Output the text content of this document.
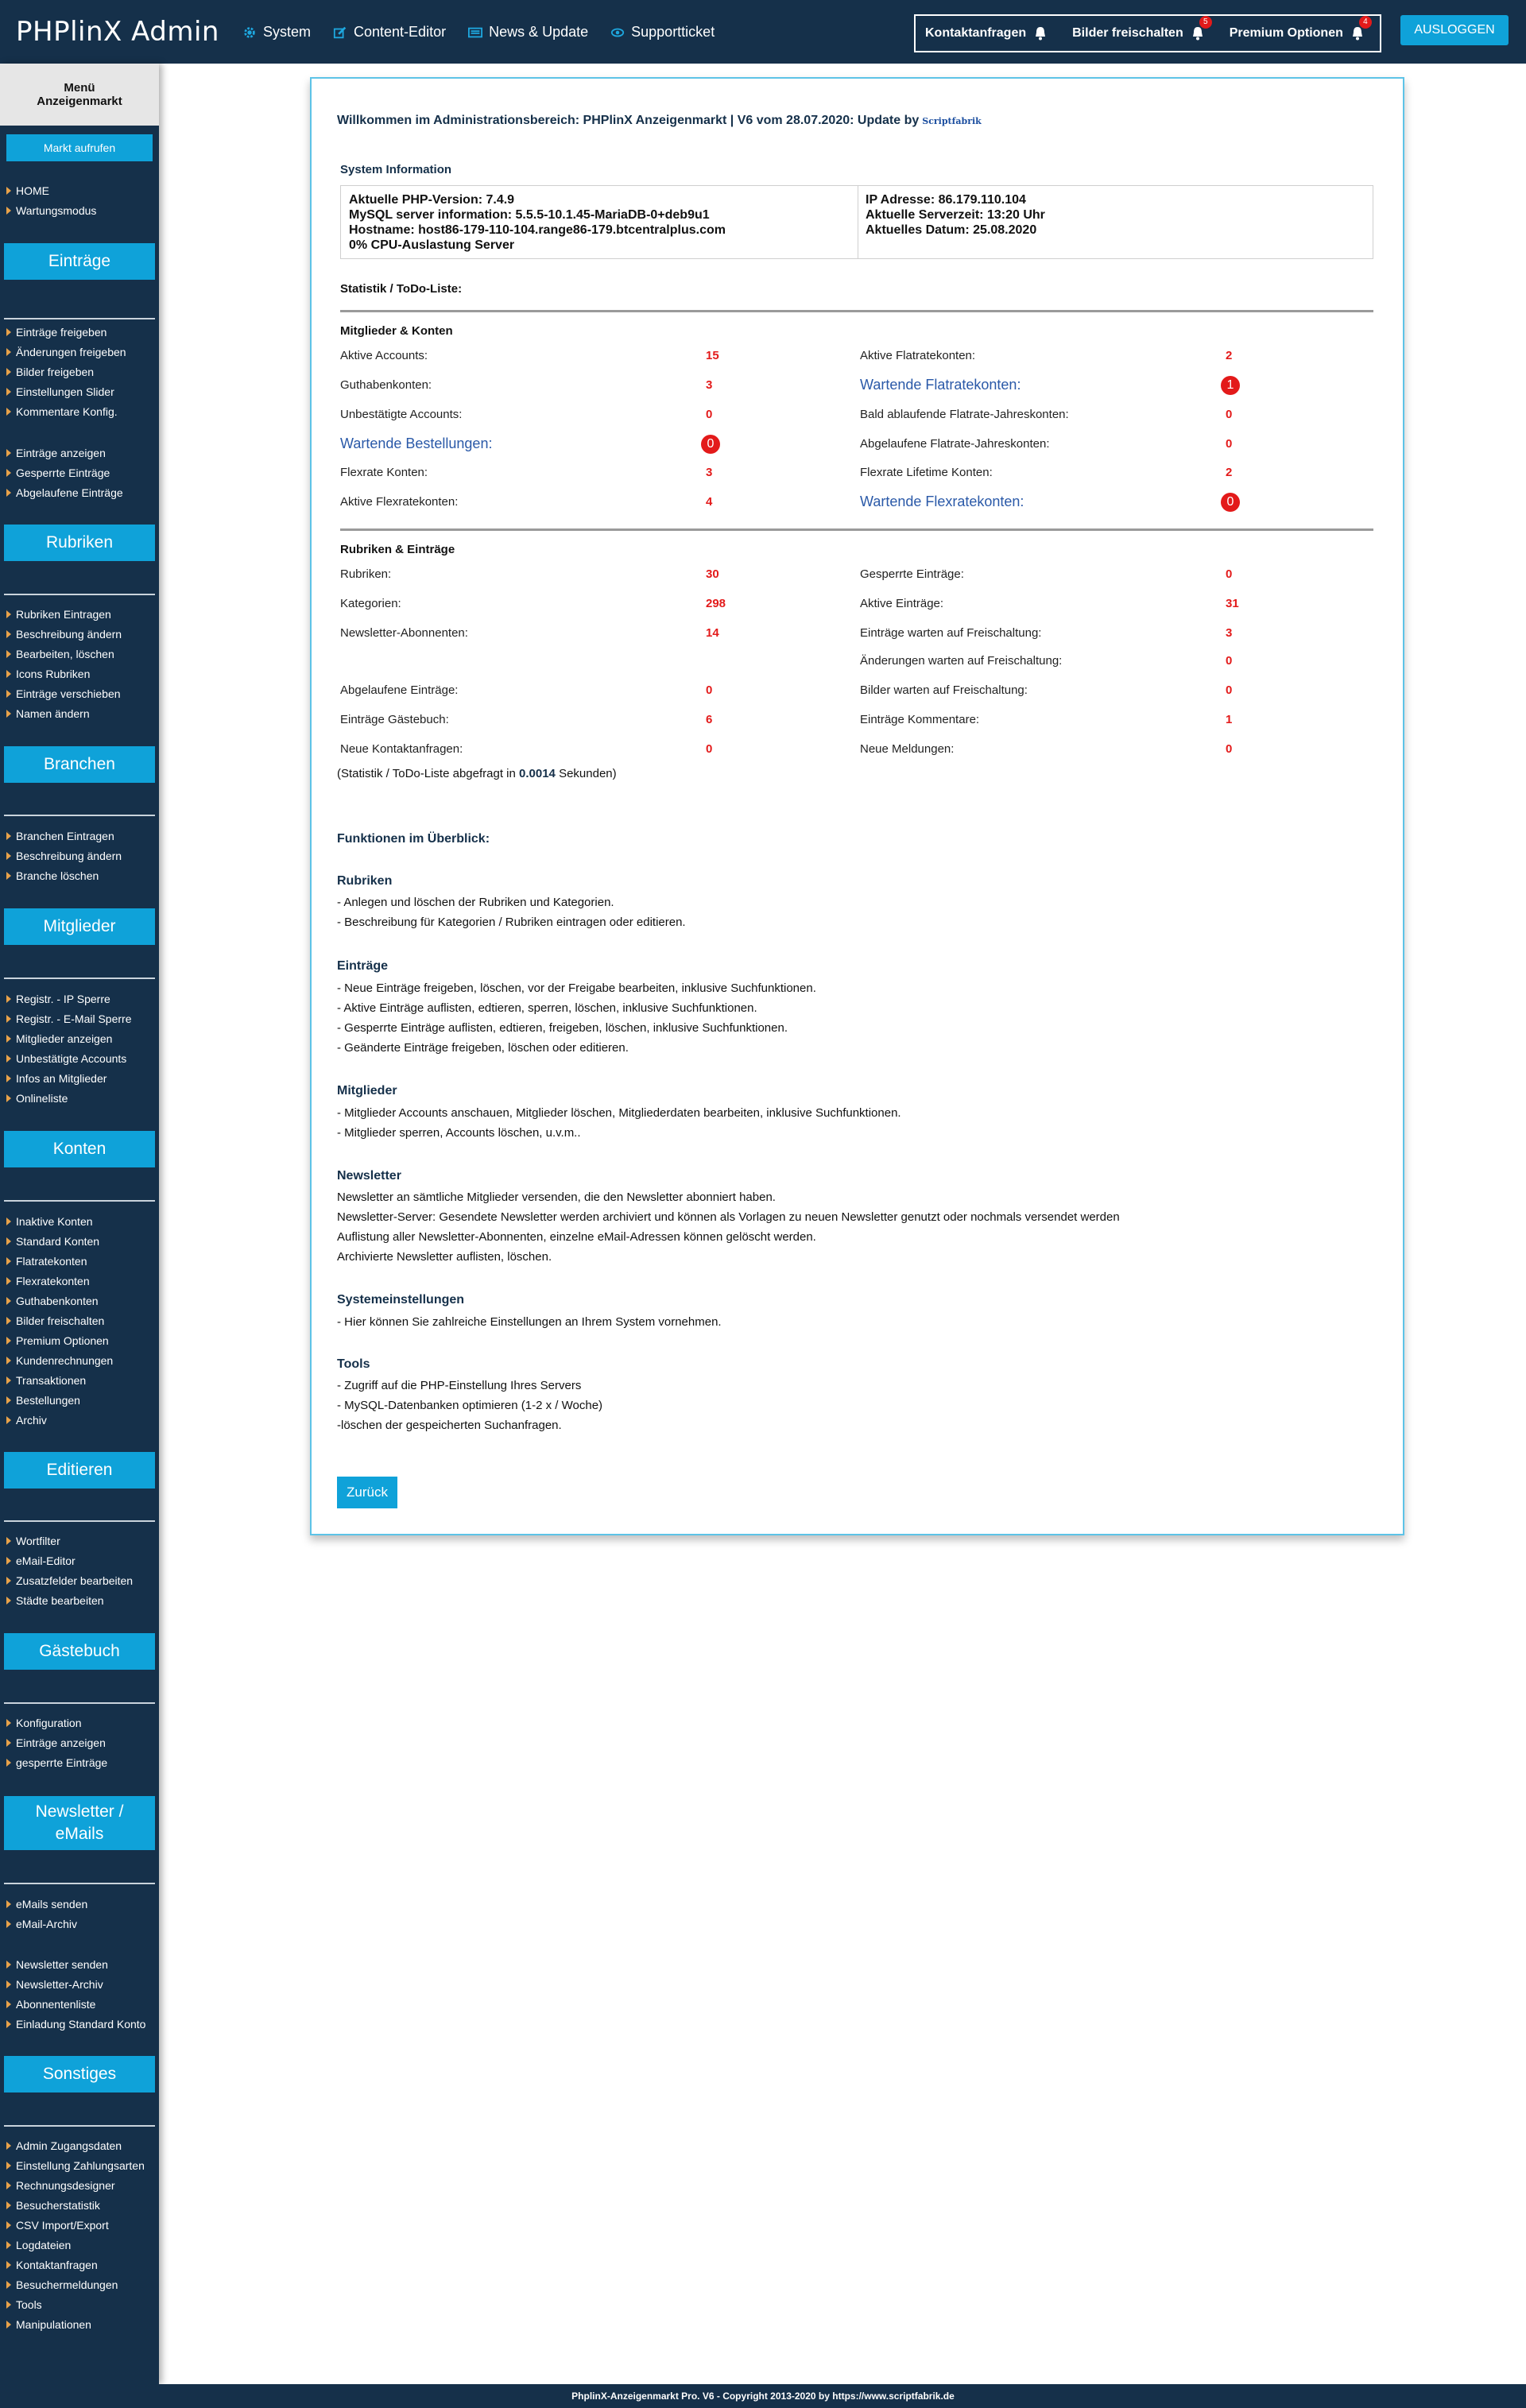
PHPlinX Admin	System	Content-Editor	News & Update	Supportticket	Kontaktanfragen	Bilder freischalten
5
Premium Optionen
4
AUSLOGGEN
Menü
Anzeigenmarkt
Markt aufrufen
HOME
Wartungsmodus
Einträge
Einträge freigeben
Änderungen freigeben
Bilder freigeben
Einstellungen Slider
Kommentare Konfig.
Einträge anzeigen
Gesperrte Einträge
Abgelaufene Einträge
Rubriken
Rubriken Eintragen
Beschreibung ändern
Bearbeiten, löschen
Icons Rubriken
Einträge verschieben
Namen ändern
Branchen
Branchen Eintragen
Beschreibung ändern
Branche löschen
Mitglieder
Registr. - IP Sperre
Registr. - E-Mail Sperre
Mitglieder anzeigen
Unbestätigte Accounts
Infos an Mitglieder
Onlineliste
Konten
Inaktive Konten
Standard Konten
Flatratekonten
Flexratekonten
Guthabenkonten
Bilder freischalten
Premium Optionen
Kundenrechnungen
Transaktionen
Bestellungen
Archiv
Editieren
Wortfilter
eMail-Editor
Zusatzfelder bearbeiten
Städte bearbeiten
Gästebuch
Konfiguration
Einträge anzeigen
gesperrte Einträge
Newsletter /
eMails
eMails senden
eMail-Archiv
Newsletter senden
Newsletter-Archiv
Abonnentenliste
Einladung Standard Konto
Sonstiges
Admin Zugangsdaten
Einstellung Zahlungsarten
Rechnungsdesigner
Besucherstatistik
CSV Import/Export
Logdateien
Kontaktanfragen
Besuchermeldungen
Tools
Manipulationen
Willkommen im Administrationsbereich: PHPlinX Anzeigenmarkt | V6 vom 28.07.2020: Update by Scriptfabrik
System Information
Aktuelle PHP-Version: 7.4.9
MySQL server information: 5.5.5-10.1.45-MariaDB-0+deb9u1
Hostname: host86-179-110-104.range86-179.btcentralplus.com
0% CPU-Auslastung Server
IP Adresse: 86.179.110.104
Aktuelle Serverzeit: 13:20 Uhr
Aktuelles Datum: 25.08.2020
Statistik / ToDo-Liste:
Mitglieder & Konten
Aktive Accounts:	15	Aktive Flatratekonten:	2
Guthabenkonten:	3	Wartende Flatratekonten:	1
Unbestätigte Accounts:	0	Bald ablaufende Flatrate-Jahreskonten:	0
Wartende Bestellungen:	0	Abgelaufene Flatrate-Jahreskonten:	0
Flexrate Konten:	3	Flexrate Lifetime Konten:	2
Aktive Flexratekonten:	4	Wartende Flexratekonten:	0
Rubriken & Einträge
Rubriken:	30	Gesperrte Einträge:	0
Kategorien:	298	Aktive Einträge:	31
Newsletter-Abonnenten:	14	Einträge warten auf Freischaltung:	3
Änderungen warten auf Freischaltung:	0
Abgelaufene Einträge:	0	Bilder warten auf Freischaltung:	0
Einträge Gästebuch:	6	Einträge Kommentare:	1
Neue Kontaktanfragen:	0	Neue Meldungen:	0
(Statistik / ToDo-Liste abgefragt in 0.0014 Sekunden)
Funktionen im Überblick:
Rubriken
- Anlegen und löschen der Rubriken und Kategorien.
- Beschreibung für Kategorien / Rubriken eintragen oder editieren.
Einträge
- Neue Einträge freigeben, löschen, vor der Freigabe bearbeiten, inklusive Suchfunktionen.
- Aktive Einträge auflisten, edtieren, sperren, löschen, inklusive Suchfunktionen.
- Gesperrte Einträge auflisten, edtieren, freigeben, löschen, inklusive Suchfunktionen.
- Geänderte Einträge freigeben, löschen oder editieren.
Mitglieder
- Mitglieder Accounts anschauen, Mitglieder löschen, Mitgliederdaten bearbeiten, inklusive Suchfunktionen.
- Mitglieder sperren, Accounts löschen, u.v.m..
Newsletter
Newsletter an sämtliche Mitglieder versenden, die den Newsletter abonniert haben.
Newsletter-Server: Gesendete Newsletter werden archiviert und können als Vorlagen zu neuen Newsletter genutzt oder nochmals versendet werden
Auflistung aller Newsletter-Abonnenten, einzelne eMail-Adressen können gelöscht werden.
Archivierte Newsletter auflisten, löschen.
Systemeinstellungen
- Hier können Sie zahlreiche Einstellungen an Ihrem System vornehmen.
Tools
- Zugriff auf die PHP-Einstellung Ihres Servers
- MySQL-Datenbanken optimieren (1-2 x / Woche)
-löschen der gespeicherten Suchanfragen.
Zurück
PhplinX-Anzeigenmarkt Pro. V6 - Copyright 2013-2020 by https://www.scriptfabrik.de
